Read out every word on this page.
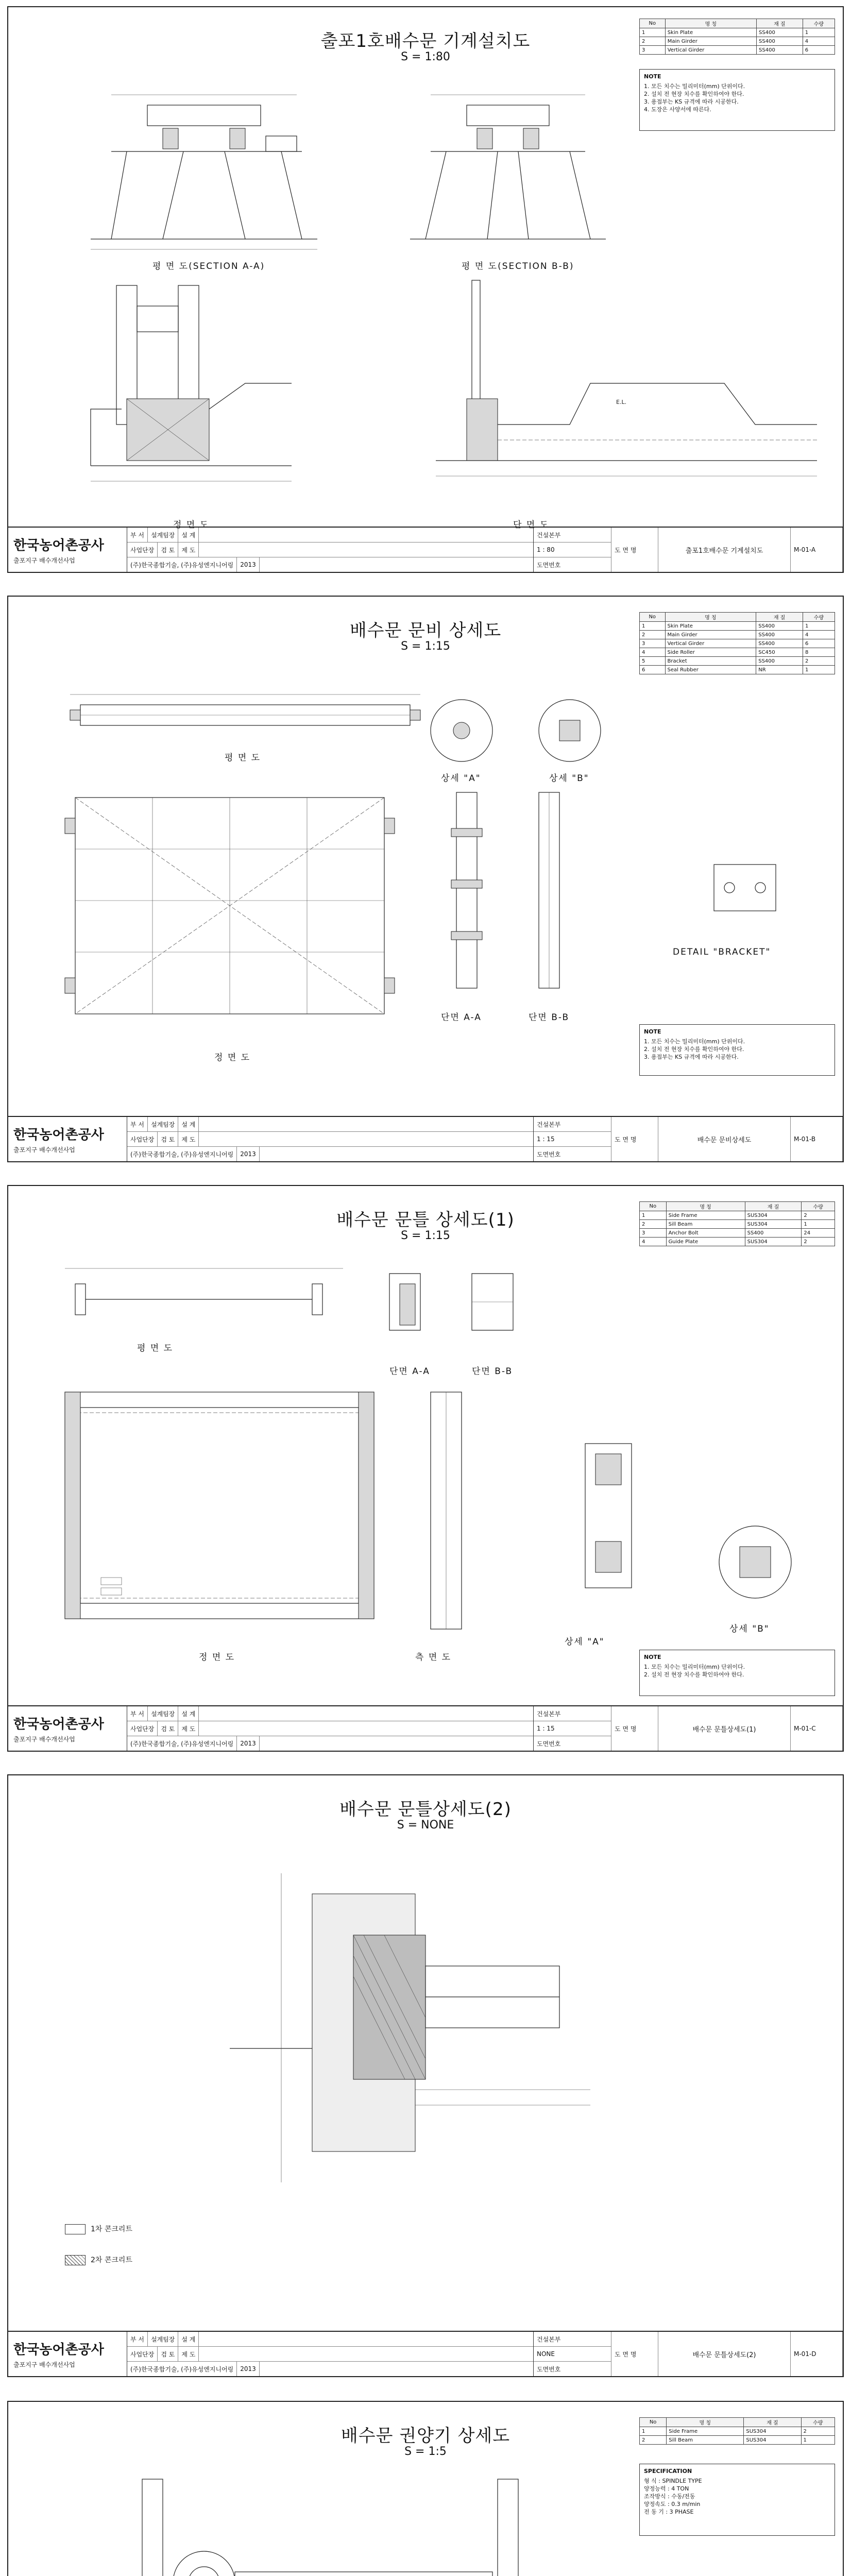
출포1호배수문 기계설치도
S = 1:80
No	명 칭	재 질	수량
1	Skin Plate	SS400	1
2	Main Girder	SS400	4
3	Vertical Girder	SS400	6
NOTE
1. 모든 치수는 밀리미터(mm) 단위이다.
2. 설치 전 현장 치수를 확인하여야 한다.
3. 용접부는 KS 규격에 따라 시공한다.
4. 도장은 사양서에 따른다.
평 면 도(SECTION A-A)	평 면 도(SECTION B-B)
정 면 도
E.L.
단 면 도
한국농어촌공사
출포지구 배수개선사업
부 서	설계팀장	설 계
사업단장	검 토	제 도
(주)한국종합기술, (주)유성엔지니어링	2013
건설본부
1 : 80
도면번호
도 면 명	출포1호배수문 기계설치도	M-01-A
배수문 문비 상세도
S = 1:15
No	명 칭	재 질	수량
1	Skin Plate	SS400	1
2	Main Girder	SS400	4
3	Vertical Girder	SS400	6
4	Side Roller	SC450	8
5	Bracket	SS400	2
6	Seal Rubber	NR	1
평 면 도
상세 "A"	상세 "B"
정 면 도
단면 A-A	단면 B-B
DETAIL "BRACKET"
NOTE
1. 모든 치수는 밀리미터(mm) 단위이다.
2. 설치 전 현장 치수를 확인하여야 한다.
3. 용접부는 KS 규격에 따라 시공한다.
한국농어촌공사
출포지구 배수개선사업
부 서	설계팀장	설 계
사업단장	검 토	제 도
(주)한국종합기술, (주)유성엔지니어링	2013
건설본부
1 : 15
도면번호
도 면 명	배수문 문비상세도	M-01-B
배수문 문틀 상세도(1)
S = 1:15
No	명 칭	재 질	수량
1	Side Frame	SUS304	2
2	Sill Beam	SUS304	1
3	Anchor Bolt	SS400	24
4	Guide Plate	SUS304	2
평 면 도
단면 A-A	단면 B-B
정 면 도	측 면 도
상세 "A"
상세 "B"
NOTE
1. 모든 치수는 밀리미터(mm) 단위이다.
2. 설치 전 현장 치수를 확인하여야 한다.
한국농어촌공사
출포지구 배수개선사업
부 서	설계팀장	설 계
사업단장	검 토	제 도
(주)한국종합기술, (주)유성엔지니어링	2013
건설본부
1 : 15
도면번호
도 면 명	배수문 문틀상세도(1)	M-01-C
배수문 문틀상세도(2)
S = NONE
1차 콘크리트
2차 콘크리트
한국농어촌공사
출포지구 배수개선사업
부 서	설계팀장	설 계
사업단장	검 토	제 도
(주)한국종합기술, (주)유성엔지니어링	2013
건설본부
NONE
도면번호
도 면 명	배수문 문틀상세도(2)	M-01-D
배수문 권양기 상세도
S = 1:5
No	명 칭	재 질	수량
1	Side Frame	SUS304	2
2	Sill Beam	SUS304	1
SPECIFICATION
형 식 : SPINDLE TYPE
양정능력 : 4 TON
조작방식 : 수동/전동
양정속도 : 0.3 m/min
전 동 기 : 3 PHASE
